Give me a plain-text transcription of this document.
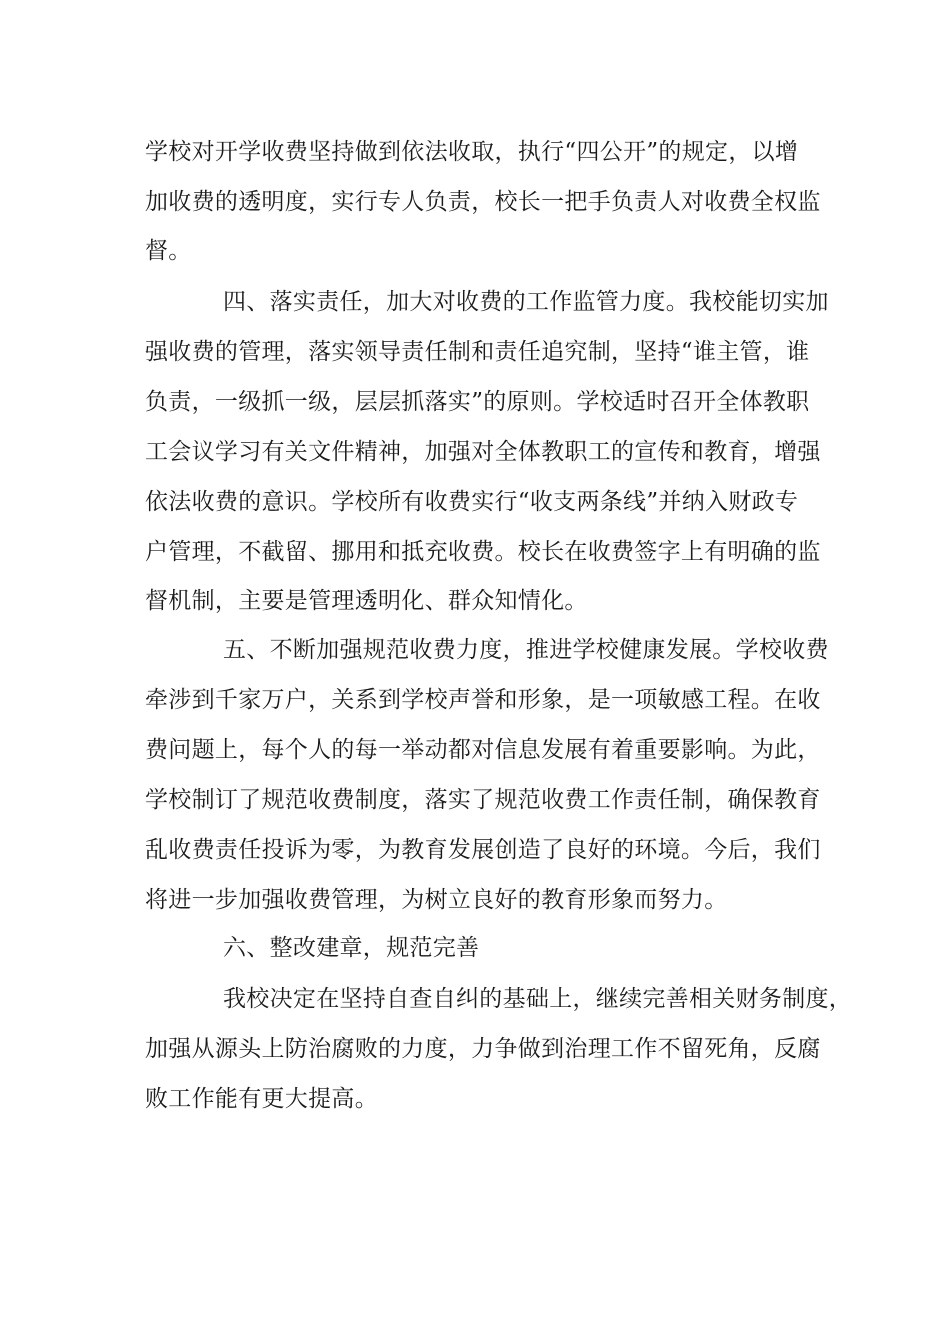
学校对开学收费坚持做到依法收取，执行“四公开”的规定，以增
加收费的透明度，实行专人负责，校长一把手负责人对收费全权监
督。
四、落实责任，加大对收费的工作监管力度。我校能切实加
强收费的管理，落实领导责任制和责任追究制，坚持“谁主管，谁
负责，一级抓一级，层层抓落实”的原则。学校适时召开全体教职
工会议学习有关文件精神，加强对全体教职工的宣传和教育，增强
依法收费的意识。学校所有收费实行“收支两条线”并纳入财政专
户管理，不截留、挪用和抵充收费。校长在收费签字上有明确的监
督机制，主要是管理透明化、群众知情化。
五、不断加强规范收费力度，推进学校健康发展。学校收费
牵涉到千家万户，关系到学校声誉和形象，是一项敏感工程。在收
费问题上，每个人的每一举动都对信息发展有着重要影响。为此，
学校制订了规范收费制度，落实了规范收费工作责任制，确保教育
乱收费责任投诉为零，为教育发展创造了良好的环境。今后，我们
将进一步加强收费管理，为树立良好的教育形象而努力。
六、整改建章，规范完善
我校决定在坚持自查自纠的基础上，继续完善相关财务制度，
加强从源头上防治腐败的力度，力争做到治理工作不留死角，反腐
败工作能有更大提高。
